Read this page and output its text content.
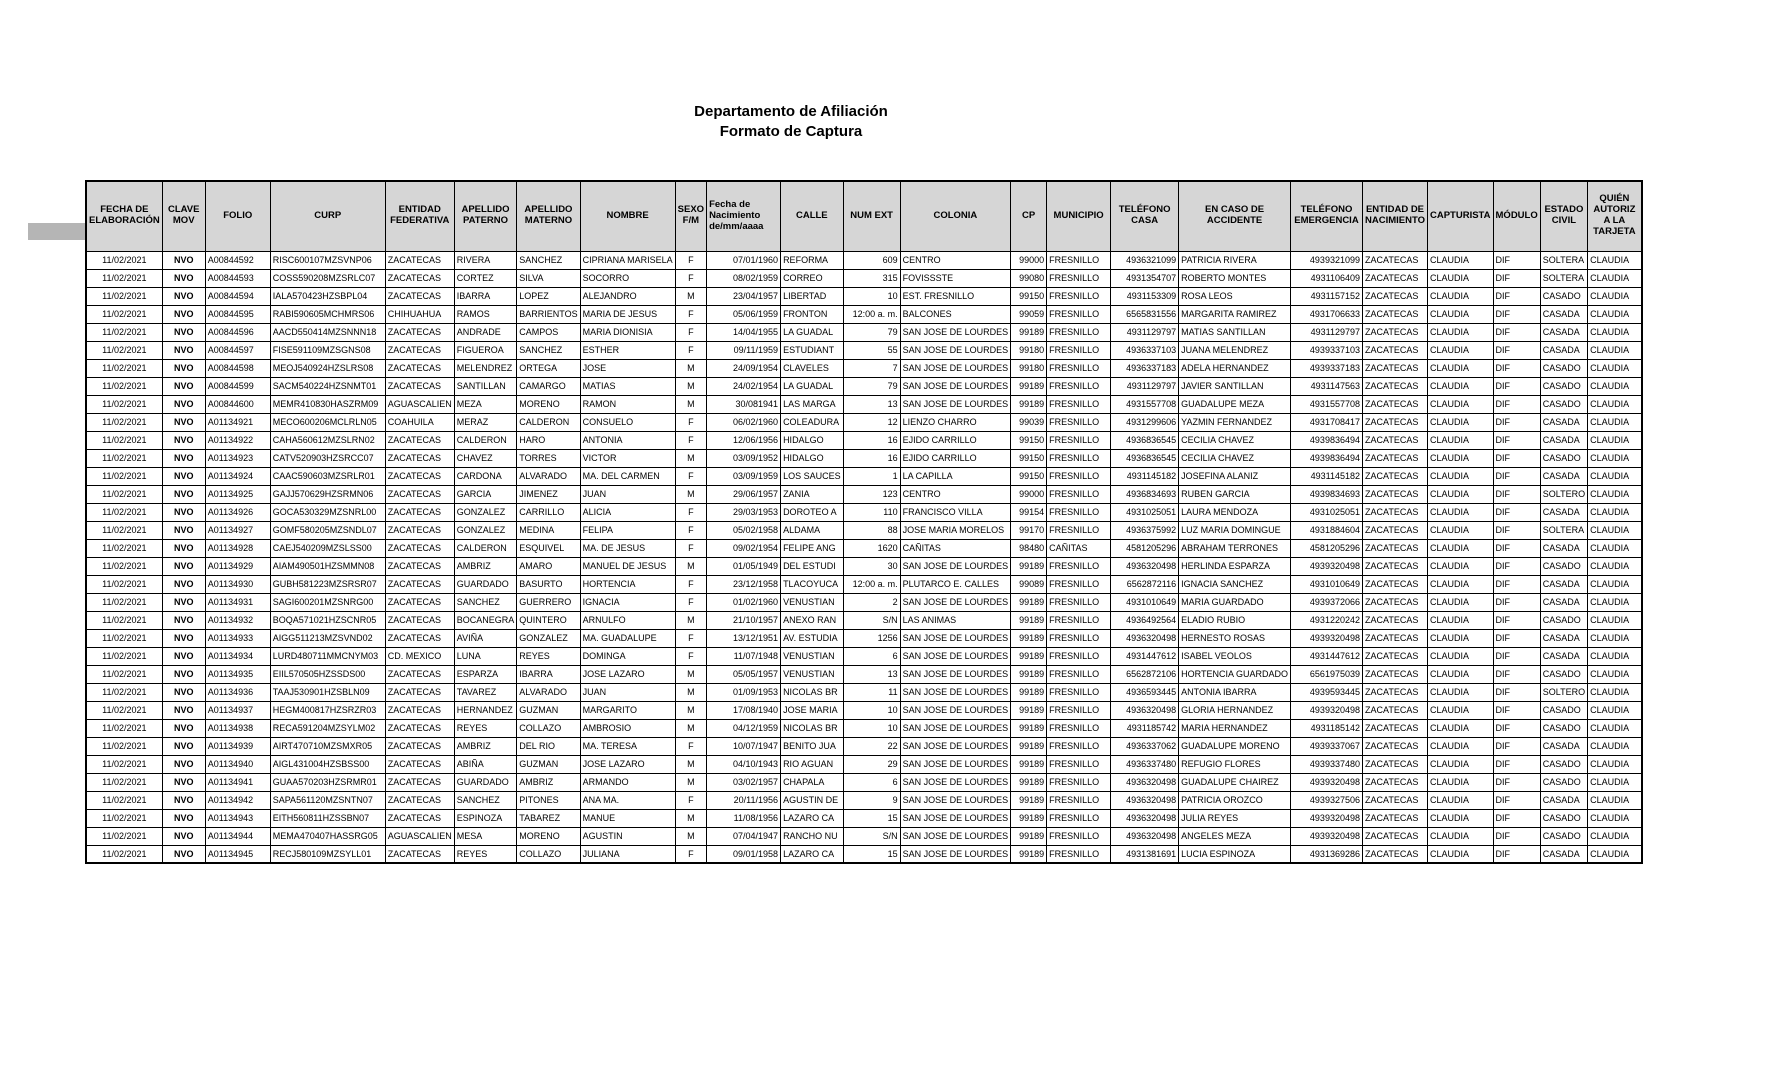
Departamento de Afiliación
Formato de Captura
FECHA DE ELABORACIÓN	CLAVE MOV	FOLIO	CURP	ENTIDAD FEDERATIVA	APELLIDO PATERNO	APELLIDO MATERNO	NOMBRE	SEXO F/M	Fecha de Nacimiento de/mm/aaaa	CALLE	NUM EXT	COLONIA	CP	MUNICIPIO	TELÉFONO CASA	EN CASO DE ACCIDENTE	TELÉFONO EMERGENCIA	ENTIDAD DE NACIMIENTO	CAPTURISTA	MÓDULO	ESTADO CIVIL	QUIÉN AUTORIZA LA TARJETA
11/02/2021	NVO	A00844592	RISC600107MZSVNP06	ZACATECAS	RIVERA	SANCHEZ	CIPRIANA MARISELA	F	07/01/1960	REFORMA	609	CENTRO	99000	FRESNILLO	4936321099	PATRICIA RIVERA	4939321099	ZACATECAS	CLAUDIA	DIF	SOLTERA	CLAUDIA
11/02/2021	NVO	A00844593	COSS590208MZSRLC07	ZACATECAS	CORTEZ	SILVA	SOCORRO	F	08/02/1959	CORREO	315	FOVISSSTE	99080	FRESNILLO	4931354707	ROBERTO MONTES	4931106409	ZACATECAS	CLAUDIA	DIF	SOLTERA	CLAUDIA
11/02/2021	NVO	A00844594	IALA570423HZSBPL04	ZACATECAS	IBARRA	LOPEZ	ALEJANDRO	M	23/04/1957	LIBERTAD	10	EST. FRESNILLO	99150	FRESNILLO	4931153309	ROSA LEOS	4931157152	ZACATECAS	CLAUDIA	DIF	CASADO	CLAUDIA
11/02/2021	NVO	A00844595	RABI590605MCHMRS06	CHIHUAHUA	RAMOS	BARRIENTOS	MARIA DE JESUS	F	05/06/1959	FRONTON	12:00 a. m.	BALCONES	99059	FRESNILLO	6565831556	MARGARITA RAMIREZ	4931706633	ZACATECAS	CLAUDIA	DIF	CASADA	CLAUDIA
11/02/2021	NVO	A00844596	AACD550414MZSNNN18	ZACATECAS	ANDRADE	CAMPOS	MARIA DIONISIA	F	14/04/1955	LA GUADAL	79	SAN JOSE DE LOURDES	99189	FRESNILLO	4931129797	MATIAS SANTILLAN	4931129797	ZACATECAS	CLAUDIA	DIF	CASADA	CLAUDIA
11/02/2021	NVO	A00844597	FISE591109MZSGNS08	ZACATECAS	FIGUEROA	SANCHEZ	ESTHER	F	09/11/1959	ESTUDIANT	55	SAN JOSE DE LOURDES	99180	FRESNILLO	4936337103	JUANA MELENDREZ	4939337103	ZACATECAS	CLAUDIA	DIF	CASADA	CLAUDIA
11/02/2021	NVO	A00844598	MEOJ540924HZSLRS08	ZACATECAS	MELENDREZ	ORTEGA	JOSE	M	24/09/1954	CLAVELES	7	SAN JOSE DE LOURDES	99180	FRESNILLO	4936337183	ADELA HERNANDEZ	4939337183	ZACATECAS	CLAUDIA	DIF	CASADO	CLAUDIA
11/02/2021	NVO	A00844599	SACM540224HZSNMT01	ZACATECAS	SANTILLAN	CAMARGO	MATIAS	M	24/02/1954	LA GUADAL	79	SAN JOSE DE LOURDES	99189	FRESNILLO	4931129797	JAVIER SANTILLAN	4931147563	ZACATECAS	CLAUDIA	DIF	CASADO	CLAUDIA
11/02/2021	NVO	A00844600	MEMR410830HASZRM09	AGUASCALIEN	MEZA	MORENO	RAMON	M	30/081941	LAS MARGA	13	SAN JOSE DE LOURDES	99189	FRESNILLO	4931557708	GUADALUPE MEZA	4931557708	ZACATECAS	CLAUDIA	DIF	CASADO	CLAUDIA
11/02/2021	NVO	A01134921	MECO600206MCLRLN05	COAHUILA	MERAZ	CALDERON	CONSUELO	F	06/02/1960	COLEADURA	12	LIENZO CHARRO	99039	FRESNILLO	4931299606	YAZMIN FERNANDEZ	4931708417	ZACATECAS	CLAUDIA	DIF	CASADA	CLAUDIA
11/02/2021	NVO	A01134922	CAHA560612MZSLRN02	ZACATECAS	CALDERON	HARO	ANTONIA	F	12/06/1956	HIDALGO	16	EJIDO CARRILLO	99150	FRESNILLO	4936836545	CECILIA CHAVEZ	4939836494	ZACATECAS	CLAUDIA	DIF	CASADA	CLAUDIA
11/02/2021	NVO	A01134923	CATV520903HZSRCC07	ZACATECAS	CHAVEZ	TORRES	VICTOR	M	03/09/1952	HIDALGO	16	EJIDO CARRILLO	99150	FRESNILLO	4936836545	CECILIA CHAVEZ	4939836494	ZACATECAS	CLAUDIA	DIF	CASADO	CLAUDIA
11/02/2021	NVO	A01134924	CAAC590603MZSRLR01	ZACATECAS	CARDONA	ALVARADO	MA. DEL CARMEN	F	03/09/1959	LOS SAUCES	1	LA CAPILLA	99150	FRESNILLO	4931145182	JOSEFINA ALANIZ	4931145182	ZACATECAS	CLAUDIA	DIF	CASADA	CLAUDIA
11/02/2021	NVO	A01134925	GAJJ570629HZSRMN06	ZACATECAS	GARCIA	JIMENEZ	JUAN	M	29/06/1957	ZANIA	123	CENTRO	99000	FRESNILLO	4936834693	RUBEN GARCIA	4939834693	ZACATECAS	CLAUDIA	DIF	SOLTERO	CLAUDIA
11/02/2021	NVO	A01134926	GOCA530329MZSNRL00	ZACATECAS	GONZALEZ	CARRILLO	ALICIA	F	29/03/1953	DOROTEO A	110	FRANCISCO VILLA	99154	FRESNILLO	4931025051	LAURA MENDOZA	4931025051	ZACATECAS	CLAUDIA	DIF	CASADA	CLAUDIA
11/02/2021	NVO	A01134927	GOMF580205MZSNDL07	ZACATECAS	GONZALEZ	MEDINA	FELIPA	F	05/02/1958	ALDAMA	88	JOSE MARIA MORELOS	99170	FRESNILLO	4936375992	LUZ MARIA DOMINGUE	4931884604	ZACATECAS	CLAUDIA	DIF	SOLTERA	CLAUDIA
11/02/2021	NVO	A01134928	CAEJ540209MZSLSS00	ZACATECAS	CALDERON	ESQUIVEL	MA. DE JESUS	F	09/02/1954	FELIPE ANG	1620	CAÑITAS	98480	CAÑITAS	4581205296	ABRAHAM TERRONES	4581205296	ZACATECAS	CLAUDIA	DIF	CASADA	CLAUDIA
11/02/2021	NVO	A01134929	AIAM490501HZSMMN08	ZACATECAS	AMBRIZ	AMARO	MANUEL DE JESUS	M	01/05/1949	DEL ESTUDI	30	SAN JOSE DE LOURDES	99189	FRESNILLO	4936320498	HERLINDA ESPARZA	4939320498	ZACATECAS	CLAUDIA	DIF	CASADO	CLAUDIA
11/02/2021	NVO	A01134930	GUBH581223MZSRSR07	ZACATECAS	GUARDADO	BASURTO	HORTENCIA	F	23/12/1958	TLACOYUCA	12:00 a. m.	PLUTARCO E. CALLES	99089	FRESNILLO	6562872116	IGNACIA SANCHEZ	4931010649	ZACATECAS	CLAUDIA	DIF	CASADA	CLAUDIA
11/02/2021	NVO	A01134931	SAGI600201MZSNRG00	ZACATECAS	SANCHEZ	GUERRERO	IGNACIA	F	01/02/1960	VENUSTIAN	2	SAN JOSE DE LOURDES	99189	FRESNILLO	4931010649	MARIA GUARDADO	4939372066	ZACATECAS	CLAUDIA	DIF	CASADA	CLAUDIA
11/02/2021	NVO	A01134932	BOQA571021HZSCNR05	ZACATECAS	BOCANEGRA	QUINTERO	ARNULFO	M	21/10/1957	ANEXO RAN	S/N	LAS ANIMAS	99189	FRESNILLO	4936492564	ELADIO RUBIO	4931220242	ZACATECAS	CLAUDIA	DIF	CASADO	CLAUDIA
11/02/2021	NVO	A01134933	AIGG511213MZSVND02	ZACATECAS	AVIÑA	GONZALEZ	MA. GUADALUPE	F	13/12/1951	AV. ESTUDIA	1256	SAN JOSE DE LOURDES	99189	FRESNILLO	4936320498	HERNESTO ROSAS	4939320498	ZACATECAS	CLAUDIA	DIF	CASADA	CLAUDIA
11/02/2021	NVO	A01134934	LURD480711MMCNYM03	CD. MEXICO	LUNA	REYES	DOMINGA	F	11/07/1948	VENUSTIAN	6	SAN JOSE DE LOURDES	99189	FRESNILLO	4931447612	ISABEL VEOLOS	4931447612	ZACATECAS	CLAUDIA	DIF	CASADA	CLAUDIA
11/02/2021	NVO	A01134935	EIIL570505HZSSDS00	ZACATECAS	ESPARZA	IBARRA	JOSE LAZARO	M	05/05/1957	VENUSTIAN	13	SAN JOSE DE LOURDES	99189	FRESNILLO	6562872106	HORTENCIA GUARDADO	6561975039	ZACATECAS	CLAUDIA	DIF	CASADO	CLAUDIA
11/02/2021	NVO	A01134936	TAAJ530901HZSBLN09	ZACATECAS	TAVAREZ	ALVARADO	JUAN	M	01/09/1953	NICOLAS BR	11	SAN JOSE DE LOURDES	99189	FRESNILLO	4936593445	ANTONIA IBARRA	4939593445	ZACATECAS	CLAUDIA	DIF	SOLTERO	CLAUDIA
11/02/2021	NVO	A01134937	HEGM400817HZSRZR03	ZACATECAS	HERNANDEZ	GUZMAN	MARGARITO	M	17/08/1940	JOSE MARIA	10	SAN JOSE DE LOURDES	99189	FRESNILLO	4936320498	GLORIA HERNANDEZ	4939320498	ZACATECAS	CLAUDIA	DIF	CASADO	CLAUDIA
11/02/2021	NVO	A01134938	RECA591204MZSYLM02	ZACATECAS	REYES	COLLAZO	AMBROSIO	M	04/12/1959	NICOLAS BR	10	SAN JOSE DE LOURDES	99189	FRESNILLO	4931185742	MARIA HERNANDEZ	4931185142	ZACATECAS	CLAUDIA	DIF	CASADO	CLAUDIA
11/02/2021	NVO	A01134939	AIRT470710MZSMXR05	ZACATECAS	AMBRIZ	DEL RIO	MA. TERESA	F	10/07/1947	BENITO JUA	22	SAN JOSE DE LOURDES	99189	FRESNILLO	4936337062	GUADALUPE MORENO	4939337067	ZACATECAS	CLAUDIA	DIF	CASADA	CLAUDIA
11/02/2021	NVO	A01134940	AIGL431004HZSBSS00	ZACATECAS	ABIÑA	GUZMAN	JOSE LAZARO	M	04/10/1943	RIO AGUAN	29	SAN JOSE DE LOURDES	99189	FRESNILLO	4936337480	REFUGIO FLORES	4939337480	ZACATECAS	CLAUDIA	DIF	CASADO	CLAUDIA
11/02/2021	NVO	A01134941	GUAA570203HZSRMR01	ZACATECAS	GUARDADO	AMBRIZ	ARMANDO	M	03/02/1957	CHAPALA	6	SAN JOSE DE LOURDES	99189	FRESNILLO	4936320498	GUADALUPE CHAIREZ	4939320498	ZACATECAS	CLAUDIA	DIF	CASADO	CLAUDIA
11/02/2021	NVO	A01134942	SAPA561120MZSNTN07	ZACATECAS	SANCHEZ	PITONES	ANA MA.	F	20/11/1956	AGUSTIN DE	9	SAN JOSE DE LOURDES	99189	FRESNILLO	4936320498	PATRICIA OROZCO	4939327506	ZACATECAS	CLAUDIA	DIF	CASADA	CLAUDIA
11/02/2021	NVO	A01134943	EITH560811HZSSBN07	ZACATECAS	ESPINOZA	TABAREZ	MANUE	M	11/08/1956	LAZARO CA	15	SAN JOSE DE LOURDES	99189	FRESNILLO	4936320498	JULIA REYES	4939320498	ZACATECAS	CLAUDIA	DIF	CASADO	CLAUDIA
11/02/2021	NVO	A01134944	MEMA470407HASSRG05	AGUASCALIEN	MESA	MORENO	AGUSTIN	M	07/04/1947	RANCHO NU	S/N	SAN JOSE DE LOURDES	99189	FRESNILLO	4936320498	ANGELES MEZA	4939320498	ZACATECAS	CLAUDIA	DIF	CASADO	CLAUDIA
11/02/2021	NVO	A01134945	RECJ580109MZSYLL01	ZACATECAS	REYES	COLLAZO	JULIANA	F	09/01/1958	LAZARO CA	15	SAN JOSE DE LOURDES	99189	FRESNILLO	4931381691	LUCIA ESPINOZA	4931369286	ZACATECAS	CLAUDIA	DIF	CASADA	CLAUDIA
